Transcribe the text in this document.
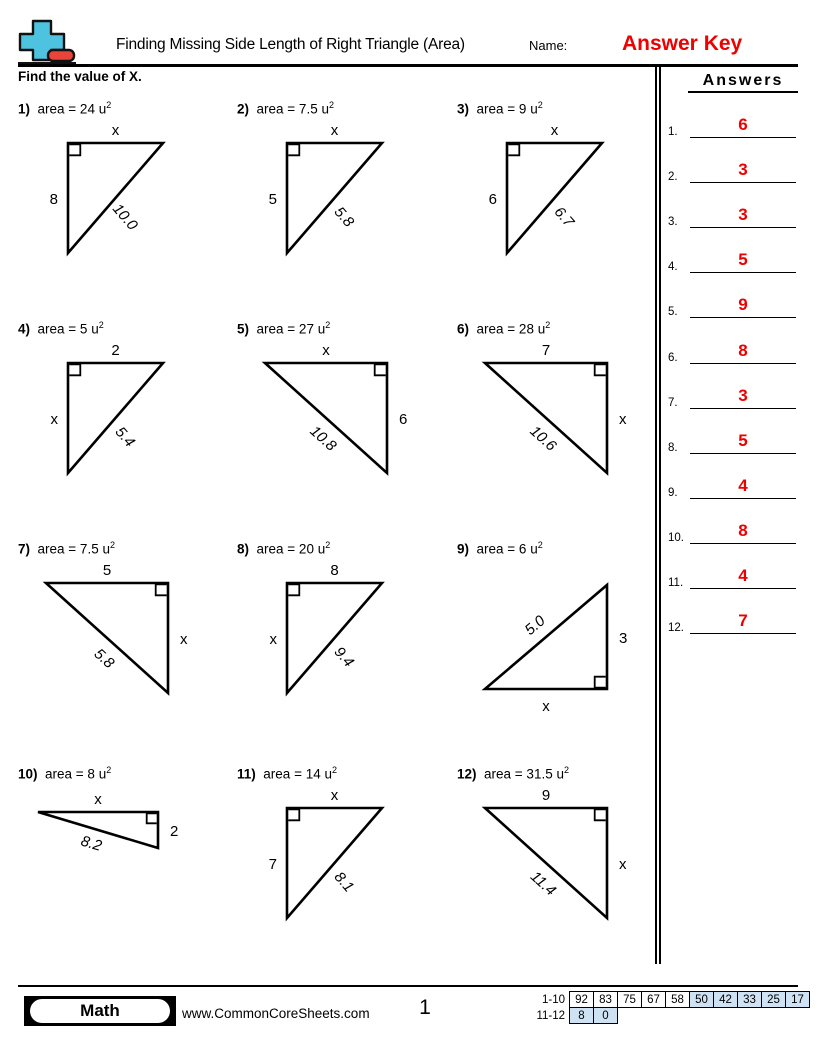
Finding Missing Side Length of Right Triangle (Area)	Name:	Answer Key
Find the value of X.	Answers
1.	6
2.	3
3.	3
4.	5
5.	9
6.	8
7.	3
8.	5
9.	4
10.	8
11.	4
12.	7
1) area = 24 $u^2$
x
8
10.0
2) area = 7.5 $u^2$
x
5
5.8
3) area = 9 $u^2$
x
6
6.7
4) area = 5 $u^2$
2
x
5.4
5) area = 27 $u^2$
x
6
10.8
6) area = 28 $u^2$
7
x
10.6
7) area = 7.5 $u^2$
5
x
5.8
8) area = 20 $u^2$
8
x
9.4
9) area = 6 $u^2$
x
3
5.0
10) area = 8 $u^2$
x
2
8.2
11) area = 14 $u^2$
x
7
8.1
12) area = 31.5 $u^2$
9
x
11.4
Math	www.CommonCoreSheets.com	1	1-10	92	83	75	67	58	50	42	33	25	17
11-12	8	0								
